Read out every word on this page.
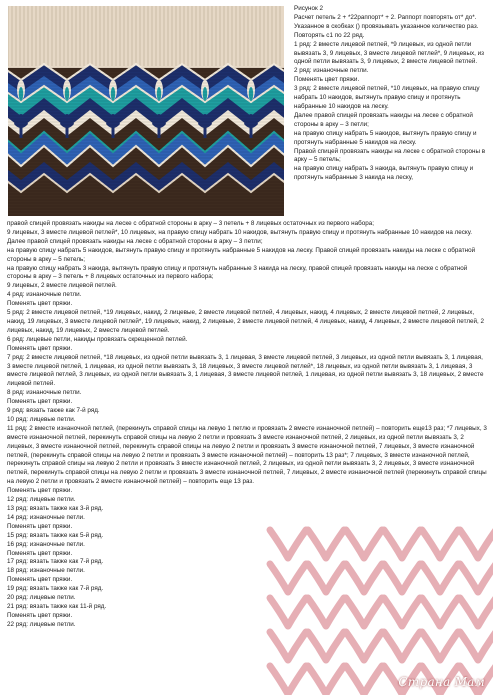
Рисунок 2
Расчет петель 2 + *22раппорт* + 2. Раппорт повторять от* до*. Указанное в скобках () провязывать указанное количество раз. Повторять с1 по 22 ряд.
1 ряд: 2 вместе лицевой петлей, *9 лицевых, из одной петли вывязать 3, 9 лицевых, 3 вместе лицевой петлей*, 9 лицевых, из одной петли вывязать 3, 9 лицевых, 2 вместе лицевой петлей.
2 ряд: изнаночные петли.
Поменять цвет пряжи.
3 ряд: 2 вместе лицевой петлей, *10 лицевых, на правую спицу набрать 10 накидов, вытянуть правую спицу и протянуть набранные 10 накидов на леску.
Далее правой спицей провязать накиды на леске с обратной стороны в арку – 3 петли;
на правую спицу набрать 5 накидов, вытянуть правую спицу и протянуть набранные 5 накидов на леску.
Правой спицей провязать накиды на леске с обратной стороны в арку – 5 петель;
на правую спицу набрать 3 накида, вытянуть правую спицу и протянуть набранные 3 накида на леску,
правой спицей провязать накиды на леске с обратной стороны в арку – 3 петель + 8 лицевых остаточных из первого набора;
9 лицевых, 3 вместе лицевой петлей*, 10 лицевых, на правую спицу набрать 10 накидов, вытянуть правую спицу и протянуть набранные 10 накидов на леску. Далее правой спицей провязать накиды на леске с обратной стороны в арку – 3 петли;
на правую спицу набрать 5 накидов, вытянуть правую спицу и протянуть набранные 5 накидов на леску. Правой спицей провязать накиды на леске с обратной стороны в арку – 5 петель;
на правую спицу набрать 3 накида, вытянуть правую спицу и протянуть набранные 3 накида на леску, правой спицей провязать накиды на леске с обратной стороны в арку – 3 петель + 8 лицевых остаточных из первого набора;
9 лицевых, 2 вместе лицевой петлей.
4 ряд: изнаночные петли.
Поменять цвет пряжи.
5 ряд: 2 вместе лицевой петлей, *19 лицевых, накид, 2 лицевые, 2 вместе лицевой петлей, 4 лицевых, накид, 4 лицевых, 2 вместе лицевой петлей, 2 лицевых, накид, 19 лицевых, 3 вместе лицевой петлей*, 19 лицевых, накид, 2 лицевые, 2 вместе лицевой петлей, 4 лицевых, накид, 4 лицевых, 2 вместе лицевой петлей, 2 лицевых, накид, 19 лицевых, 2 вместе лицевой петлей.
6 ряд: лицевые петли, накиды провязать скрещенной петлей.
Поменять цвет пряжи.
7 ряд: 2 вместе лицевой петлей, *18 лицевых, из одной петли вывязать 3, 1 лицевая, 3 вместе лицевой петлей, 3 лицевых, из одной петли вывязать 3, 1 лицевая, 3 вместе лицевой петлей, 1 лицевая, из одной петли вывязать 3, 18 лицевых, 3 вместе лицевой петлей*, 18 лицевых, из одной петли вывязать 3, 1 лицевая, 3 вместе лицевой петлей, 3 лицевых, из одной петли вывязать 3, 1 лицевая, 3 вместе лицевой петлей, 1 лицевая, из одной петли вывязать 3, 18 лицевых, 2 вместе лицевой петлей.
8 ряд: изнаночные петли.
Поменять цвет пряжи.
9 ряд: вязать также как 7-й ряд.
10 ряд: лицевые петли.
11 ряд: 2 вместе изнаночной петлей, (перекинуть справой спицы на левую 1 петлю и провязать 2 вместе изнаночной петлей) – повторить еще13 раз; *7 лицевых, 3 вместе изнаночной петлей, перекинуть справой спицы на левую 2 петли и провязать 3 вместе изнаночной петлей, 2 лицевых, из одной петли вывязать 3, 2 лицевых, 3 вместе изнаночной петлей, перекинуть справой спицы на левую 2 петли и провязать 3 вместе изнаночной петлей, 7 лицевых, 3 вместе изнаночной петлей, (перекинуть справой спицы на левую 2 петли и провязать 3 вместе изнаночной петлей) – повторить 13 раз*; 7 лицевых, 3 вместе изнаночной петлей, перекинуть справой спицы на левую 2 петли и провязать 3 вместе изнаночной петлей, 2 лицевых, из одной петли вывязать 3, 2 лицевых, 3 вместе изнаночной петлей, перекинуть справой спицы на левую 2 петли и провязать 3 вместе изнаночной петлей, 7 лицевых, 2 вместе изнаночной петлей (перекинуть справой спицы на левую 2 петли и провязать 2 вместе изнаночной петлей) – повторить еще 13 раз.
Поменять цвет пряжи.
12 ряд: лицевые петли.
13 ряд: вязать также как 3-й ряд.
14 ряд: изнаночные петли.
Поменять цвет пряжи.
15 ряд: вязать также как 5-й ряд.
16 ряд: изнаночные петли.
Поменять цвет пряжи.
17 ряд: вязать также как 7-й ряд.
18 ряд: изнаночные петли.
Поменять цвет пряжи.
19 ряд: вязать также как 7-й ряд.
20 ряд: лицевые петли.
21 ряд: вязать также как 11-й ряд.
Поменять цвет пряжи.
22 ряд: лицевые петли.
Страна Мам
